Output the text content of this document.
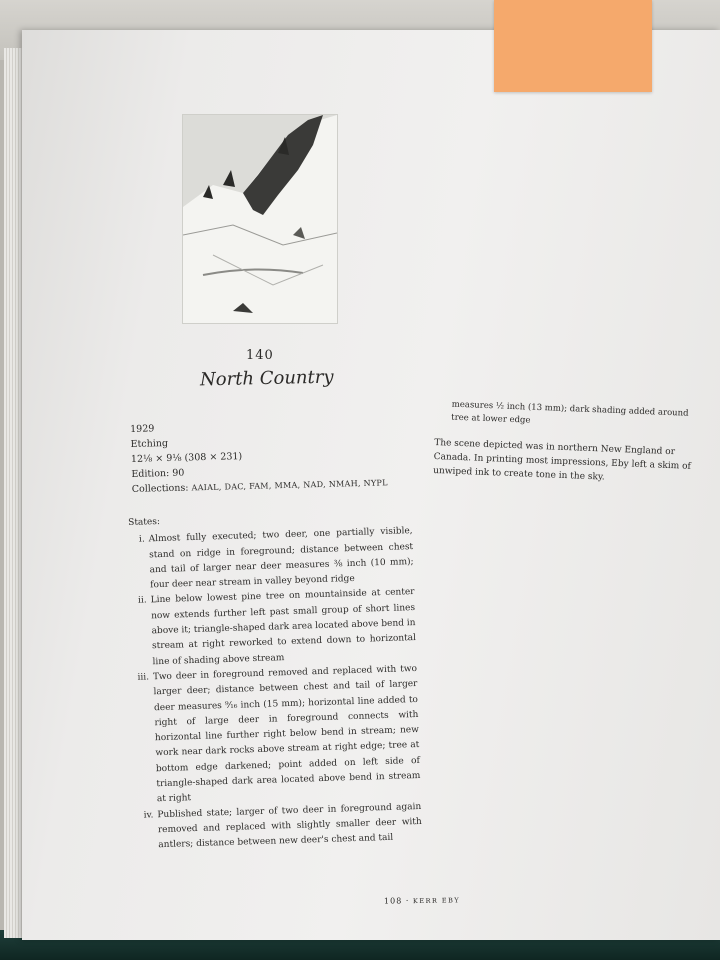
140
North Country
1929
Etching
12⅛ × 9⅛ (308 × 231)
Edition: 90
Collections: AAIAL, DAC, FAM, MMA, NAD, NMAH, NYPL
States:
i. Almost fully executed; two deer, one partially visible, stand on ridge in foreground; distance between chest and tail of larger near deer measures ⅜ inch (10 mm); four deer near stream in valley beyond ridge
ii. Line below lowest pine tree on mountainside at center now extends further left past small group of short lines above it; triangle-shaped dark area located above bend in stream at right reworked to extend down to horizontal line of shading above stream
iii. Two deer in foreground removed and replaced with two larger deer; distance between chest and tail of larger deer measures ⁹⁄₁₆ inch (15 mm); horizontal line added to right of large deer in foreground connects with horizontal line further right below bend in stream; new work near dark rocks above stream at right edge; tree at bottom edge darkened; point added on left side of triangle-shaped dark area located above bend in stream at right
iv. Published state; larger of two deer in foreground again removed and replaced with slightly smaller deer with antlers; distance between new deer's chest and tail
measures ½ inch (13 mm); dark shading added around tree at lower edge
The scene depicted was in northern New England or Canada. In printing most impressions, Eby left a skim of unwiped ink to create tone in the sky.
108 · KERR EBY
